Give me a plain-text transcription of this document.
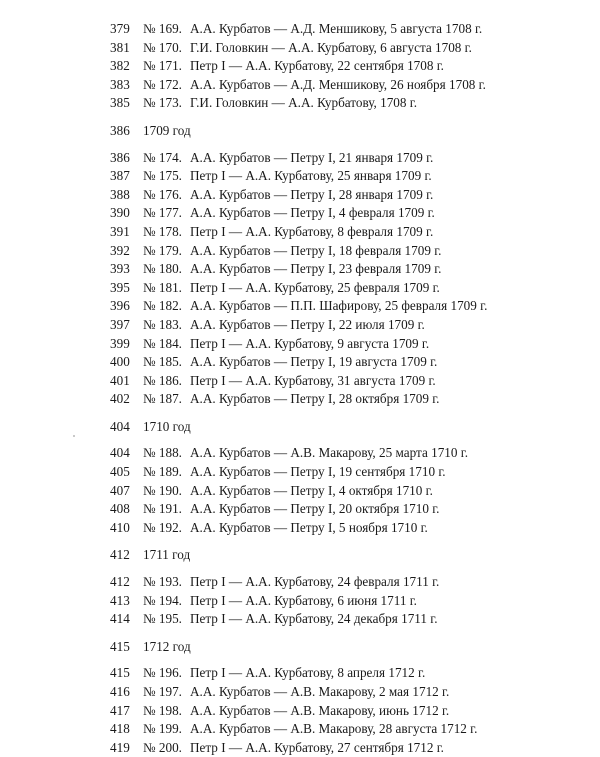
379	№ 169. А.А. Курбатов — А.Д. Меншикову, 5 августа 1708 г.
381	№ 170. Г.И. Головкин — А.А. Курбатову, 6 августа 1708 г.
382	№ 171. Петр I — А.А. Курбатову, 22 сентября 1708 г.
383	№ 172. А.А. Курбатов — А.Д. Меншикову, 26 ноября 1708 г.
385	№ 173. Г.И. Головкин — А.А. Курбатову, 1708 г.
386	1709 год
386	№ 174. А.А. Курбатов — Петру I, 21 января 1709 г.
387	№ 175. Петр I — А.А. Курбатову, 25 января 1709 г.
388	№ 176. А.А. Курбатов — Петру I, 28 января 1709 г.
390	№ 177. А.А. Курбатов — Петру I, 4 февраля 1709 г.
391	№ 178. Петр I — А.А. Курбатову, 8 февраля 1709 г.
392	№ 179. А.А. Курбатов — Петру I, 18 февраля 1709 г.
393	№ 180. А.А. Курбатов — Петру I, 23 февраля 1709 г.
395	№ 181. Петр I — А.А. Курбатову, 25 февраля 1709 г.
396	№ 182. А.А. Курбатов — П.П. Шафирову, 25 февраля 1709 г.
397	№ 183. А.А. Курбатов — Петру I, 22 июля 1709 г.
399	№ 184. Петр I — А.А. Курбатову, 9 августа 1709 г.
400	№ 185. А.А. Курбатов — Петру I, 19 августа 1709 г.
401	№ 186. Петр I — А.А. Курбатову, 31 августа 1709 г.
402	№ 187. А.А. Курбатов — Петру I, 28 октября 1709 г.
404	1710 год
404	№ 188. А.А. Курбатов — А.В. Макарову, 25 марта 1710 г.
405	№ 189. А.А. Курбатов — Петру I, 19 сентября 1710 г.
407	№ 190. А.А. Курбатов — Петру I, 4 октября 1710 г.
408	№ 191. А.А. Курбатов — Петру I, 20 октября 1710 г.
410	№ 192. А.А. Курбатов — Петру I, 5 ноября 1710 г.
412	1711 год
412	№ 193. Петр I — А.А. Курбатову, 24 февраля 1711 г.
413	№ 194. Петр I — А.А. Курбатову, 6 июня 1711 г.
414	№ 195. Петр I — А.А. Курбатову, 24 декабря 1711 г.
415	1712 год
415	№ 196. Петр I — А.А. Курбатову, 8 апреля 1712 г.
416	№ 197. А.А. Курбатов — А.В. Макарову, 2 мая 1712 г.
417	№ 198. А.А. Курбатов — А.В. Макарову, июнь 1712 г.
418	№ 199. А.А. Курбатов — А.В. Макарову, 28 августа 1712 г.
419	№ 200. Петр I — А.А. Курбатову, 27 сентября 1712 г.
